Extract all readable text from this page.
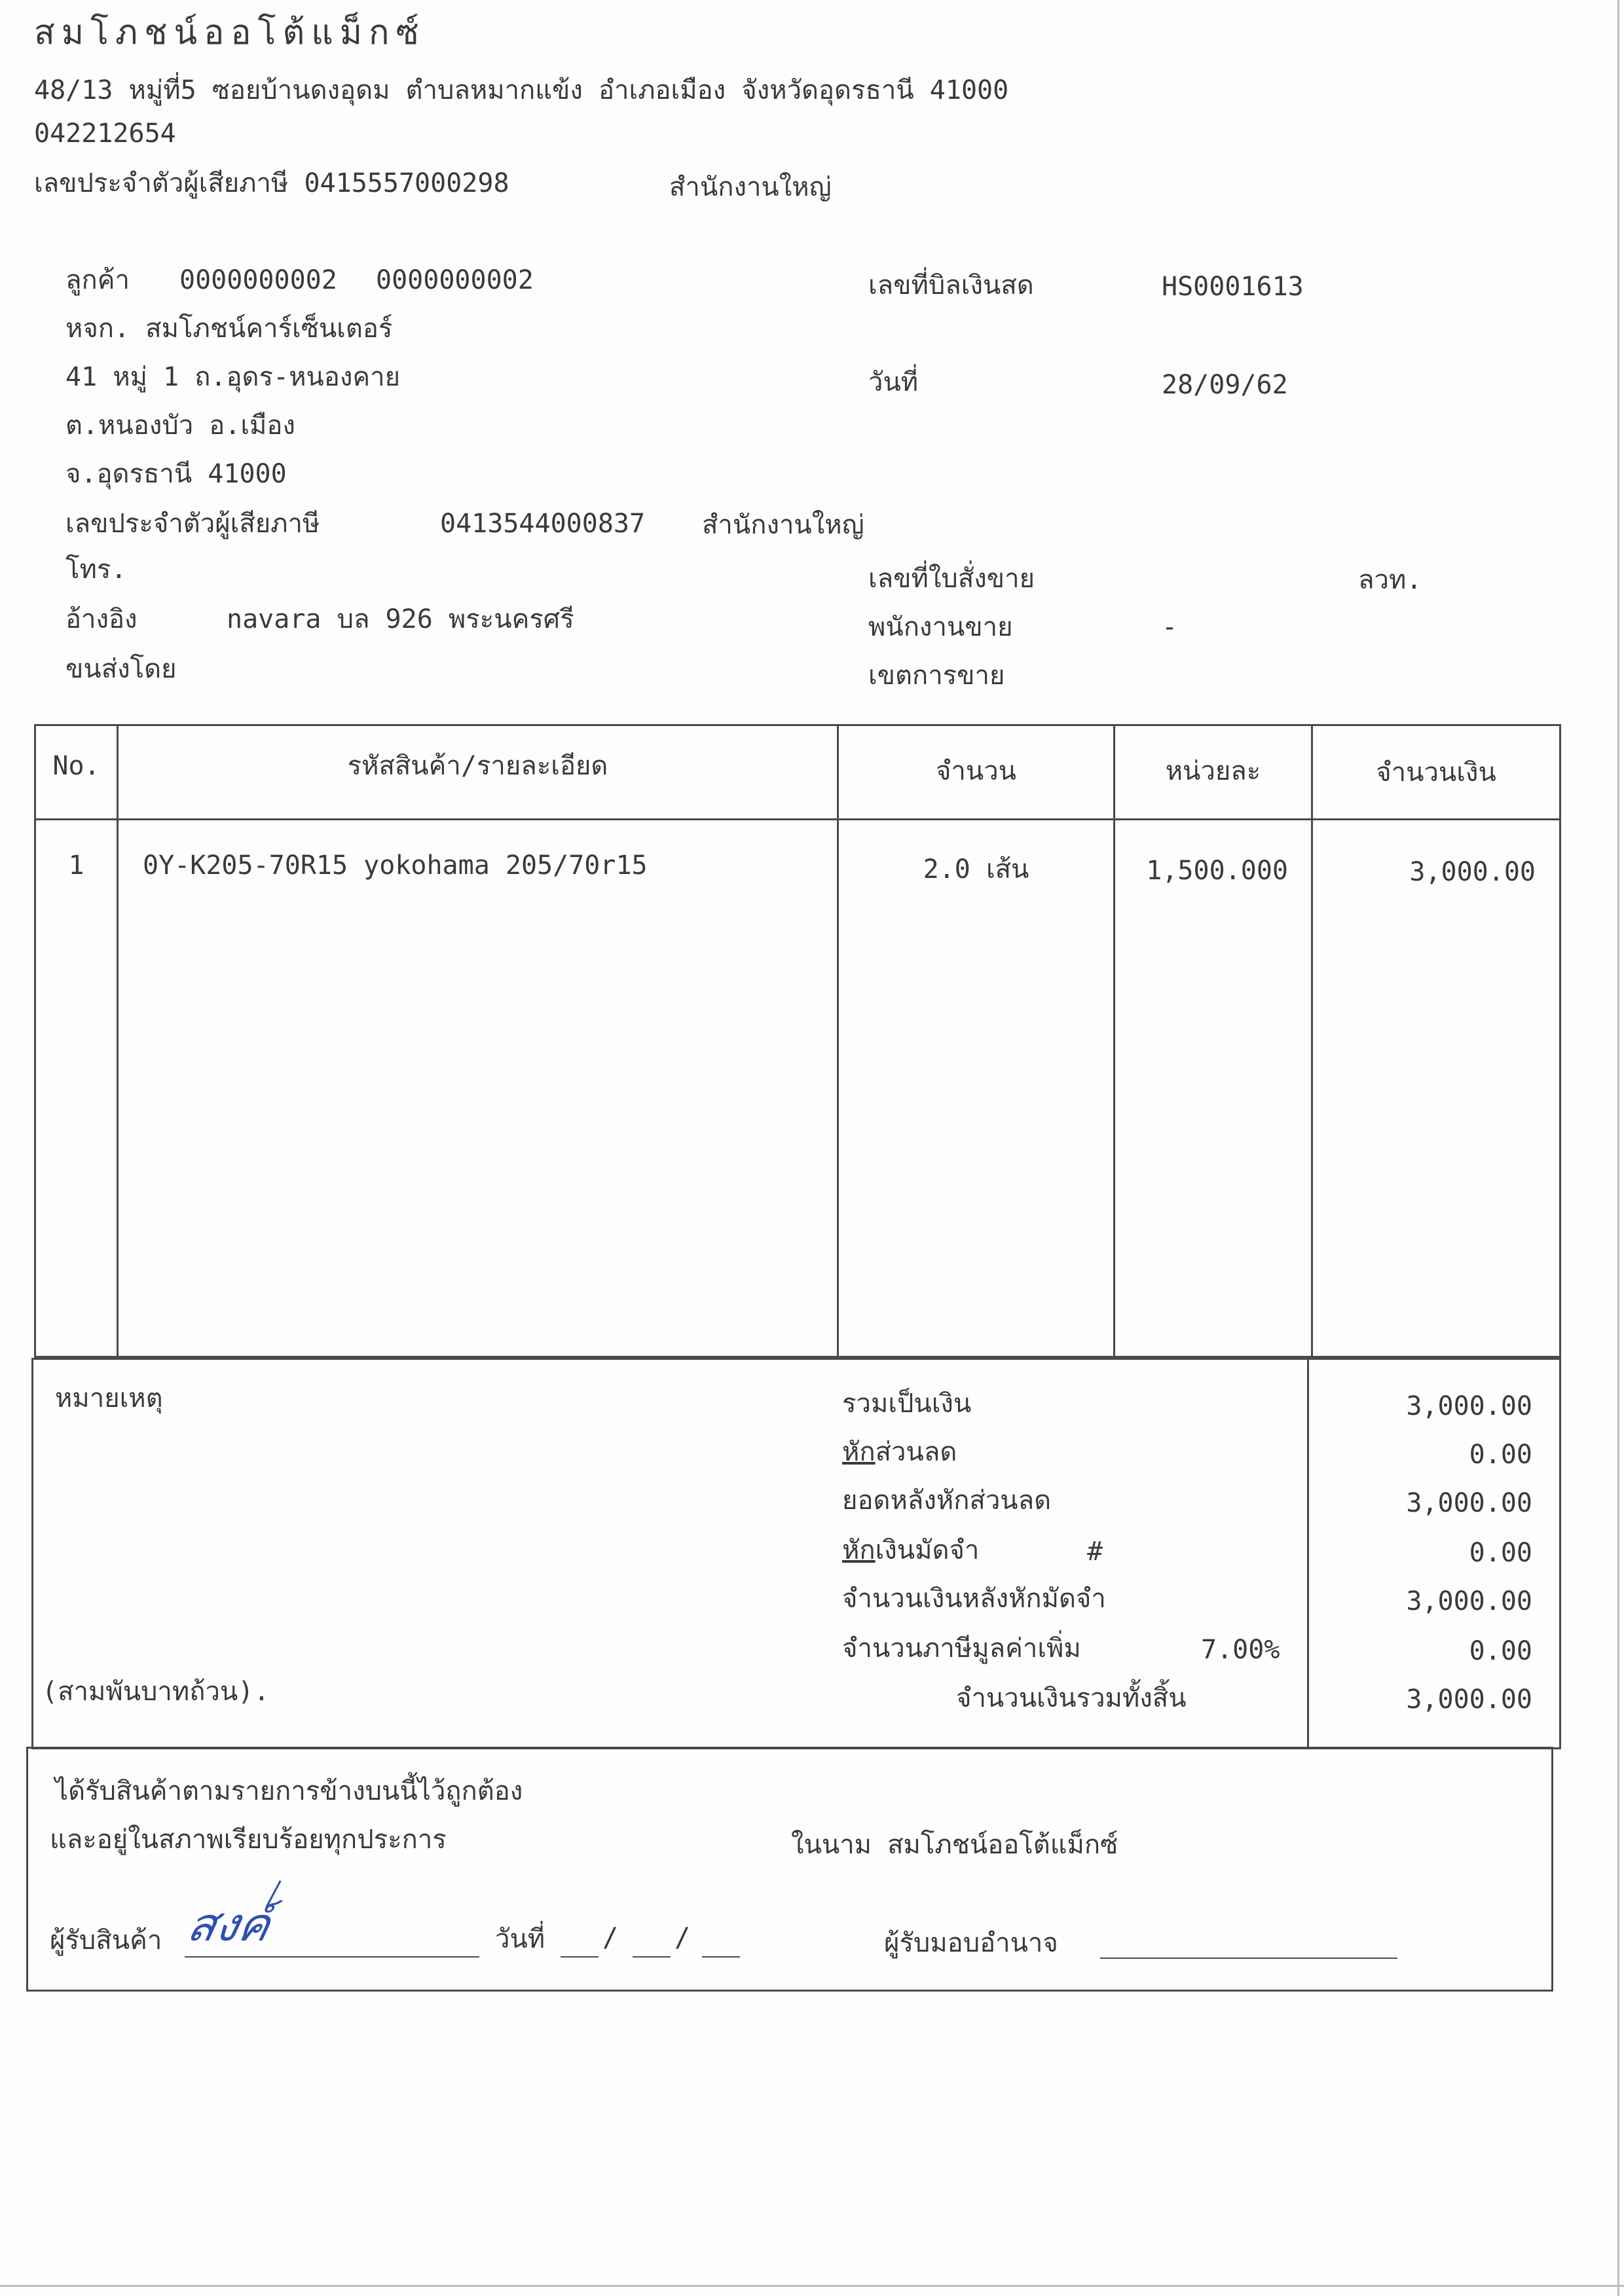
สมโภชน์ออโต้แม็กซ์
48/13 หมู่ที่5 ซอยบ้านดงอุดม ตำบลหมากแข้ง อำเภอเมือง จังหวัดอุดรธานี 41000
042212654
เลขประจำตัวผู้เสียภาษี 0415557000298	สำนักงานใหญ่
ลูกค้า 0000000002 0000000002
หจก. สมโภชน์คาร์เซ็นเตอร์
41 หมู่ 1 ถ.อุดร-หนองคาย
ต.หนองบัว อ.เมือง
จ.อุดรธานี 41000
เลขประจำตัวผู้เสียภาษี	0413544000837 สำนักงานใหญ่
โทร.
อ้างอิง	navara บล 926 พระนครศรี
ขนส่งโดย
เลขที่บิลเงินสด	HS0001613
วันที่	28/09/62
เลขที่ใบสั่งขาย	ลวท.
พนักงานขาย	-
เขตการขาย
No.	รหัสสินค้า/รายละเอียด	จำนวน	หน่วยละ	จำนวนเงิน
1	0Y-K205-70R15 yokohama 205/70r15	2.0 เส้น	1,500.000	3,000.00
หมายเหตุ
(สามพันบาทถ้วน).
รวมเป็นเงิน	3,000.00
หักส่วนลด	0.00
ยอดหลังหักส่วนลด	3,000.00
หักเงินมัดจำ	#	0.00
จำนวนเงินหลังหักมัดจำ	3,000.00
จำนวนภาษีมูลค่าเพิ่ม	7.00%	0.00
จำนวนเงินรวมทั้งสิ้น	3,000.00
ได้รับสินค้าตามรายการข้างบนนี้ไว้ถูกต้อง
และอยู่ในสภาพเรียบร้อยทุกประการ	ในนาม สมโภชน์ออโต้แม็กซ์
ผู้รับสินค้า สงค์	วันที่ / /	ผู้รับมอบอำนาจ
